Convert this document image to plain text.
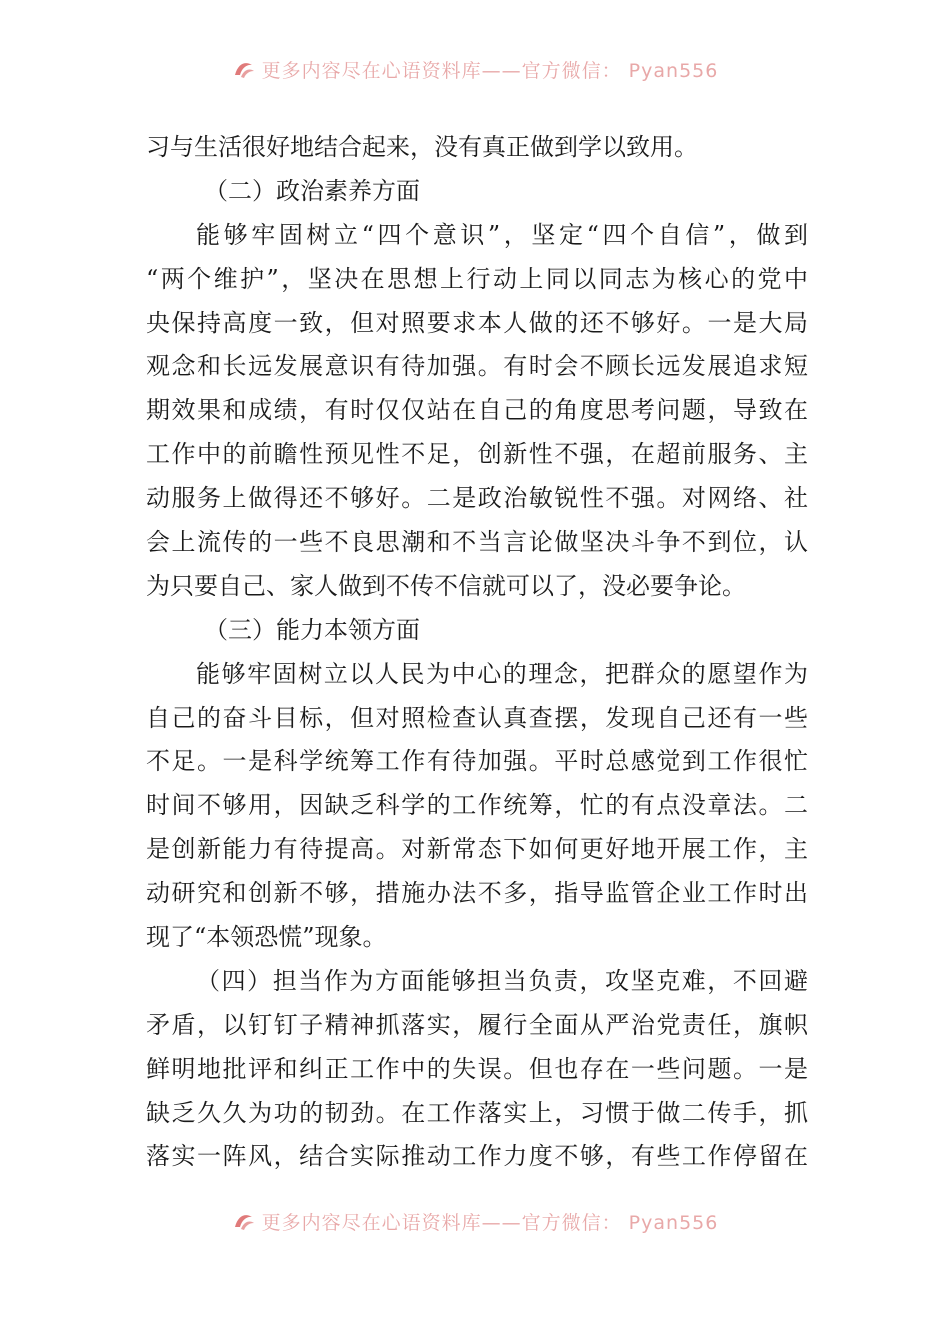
更多内容尽在心语资料库——官方微信： Pyan556
习与生活很好地结合起来，没有真正做到学以致用。
（二）政治素养方面
能够牢固树立“四个意识”，坚定“四个自信”，做到
“两个维护”，坚决在思想上行动上同以同志为核心的党中
央保持高度一致，但对照要求本人做的还不够好。一是大局
观念和长远发展意识有待加强。有时会不顾长远发展追求短
期效果和成绩，有时仅仅站在自己的角度思考问题，导致在
工作中的前瞻性预见性不足，创新性不强，在超前服务、主
动服务上做得还不够好。二是政治敏锐性不强。对网络、社
会上流传的一些不良思潮和不当言论做坚决斗争不到位，认
为只要自己、家人做到不传不信就可以了，没必要争论。
（三）能力本领方面
能够牢固树立以人民为中心的理念，把群众的愿望作为
自己的奋斗目标，但对照检查认真查摆，发现自己还有一些
不足。一是科学统筹工作有待加强。平时总感觉到工作很忙
时间不够用，因缺乏科学的工作统筹，忙的有点没章法。二
是创新能力有待提高。对新常态下如何更好地开展工作，主
动研究和创新不够，措施办法不多，指导监管企业工作时出
现了“本领恐慌”现象。
（四）担当作为方面能够担当负责，攻坚克难，不回避
矛盾，以钉钉子精神抓落实，履行全面从严治党责任，旗帜
鲜明地批评和纠正工作中的失误。但也存在一些问题。一是
缺乏久久为功的韧劲。在工作落实上，习惯于做二传手，抓
落实一阵风，结合实际推动工作力度不够，有些工作停留在
更多内容尽在心语资料库——官方微信： Pyan556
